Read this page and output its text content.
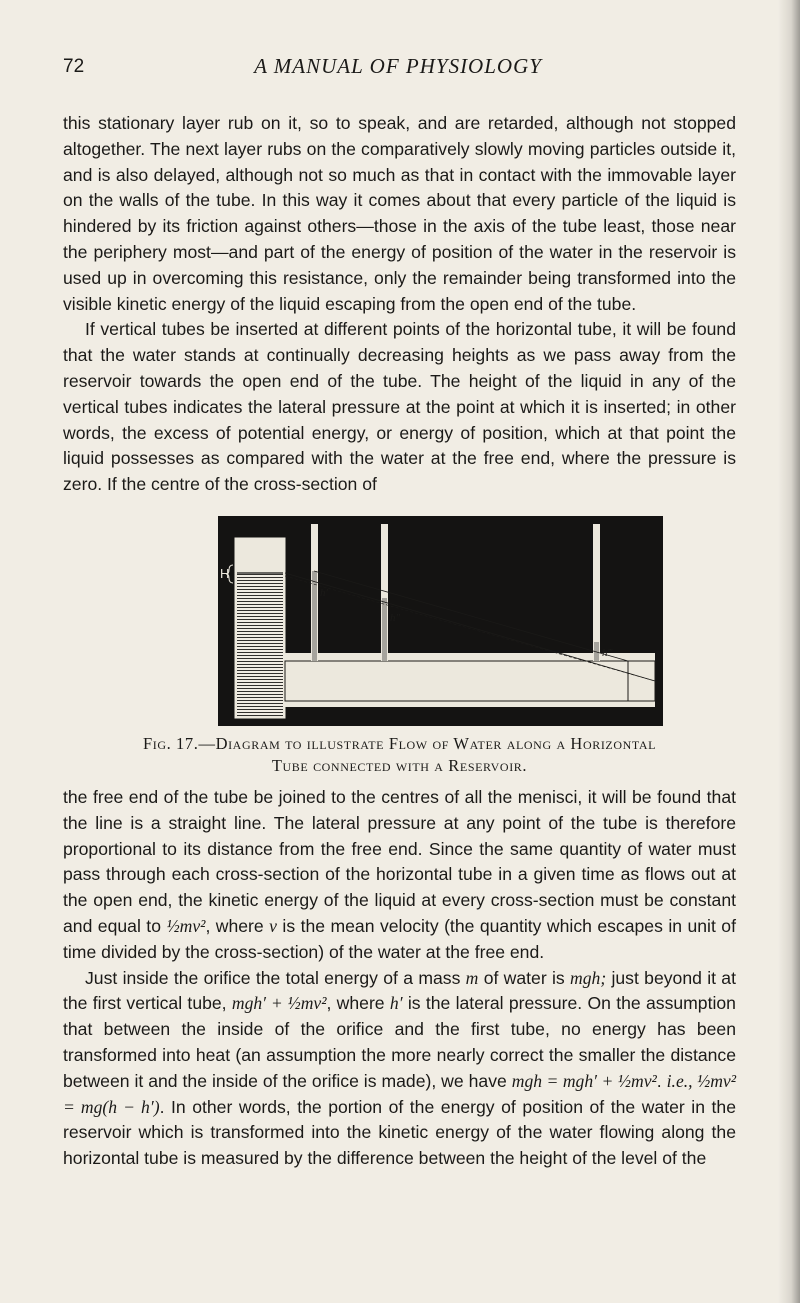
72	A MANUAL OF PHYSIOLOGY

this stationary layer rub on it, so to speak, and are retarded, although not stopped altogether. The next layer rubs on the comparatively slowly moving particles outside it, and is also delayed, although not so much as that in contact with the immovable layer on the walls of the tube. In this way it comes about that every particle of the liquid is hindered by its friction against others—those in the axis of the tube least, those near the periphery most—and part of the energy of position of the water in the reservoir is used up in overcoming this resistance, only the remainder being transformed into the visible kinetic energy of the liquid escaping from the open end of the tube.

If vertical tubes be inserted at different points of the horizontal tube, it will be found that the water stands at continually decreasing heights as we pass away from the reservoir towards the open end of the tube. The height of the liquid in any of the vertical tubes indicates the lateral pressure at the point at which it is inserted; in other words, the excess of potential energy, or energy of position, which at that point the liquid possesses as compared with the water at the free end, where the pressure is zero. If the centre of the cross-section of

H
h′
h″
h‴
Fig. 17.—Diagram to illustrate Flow of Water along a Horizontal
Tube connected with a Reservoir.

the free end of the tube be joined to the centres of all the menisci, it will be found that the line is a straight line. The lateral pressure at any point of the tube is therefore proportional to its distance from the free end. Since the same quantity of water must pass through each cross-section of the horizontal tube in a given time as flows out at the open end, the kinetic energy of the liquid at every cross-section must be constant and equal to ½mv², where v is the mean velocity (the quantity which escapes in unit of time divided by the cross-section) of the water at the free end.

Just inside the orifice the total energy of a mass m of water is mgh; just beyond it at the first vertical tube, mgh′ + ½mv², where h′ is the lateral pressure. On the assumption that between the inside of the orifice and the first tube, no energy has been transformed into heat (an assumption the more nearly correct the smaller the distance between it and the inside of the orifice is made), we have mgh = mgh′ + ½mv². i.e., ½mv² = mg(h − h′). In other words, the portion of the energy of position of the water in the reservoir which is transformed into the kinetic energy of the water flowing along the horizontal tube is measured by the difference between the height of the level of the
